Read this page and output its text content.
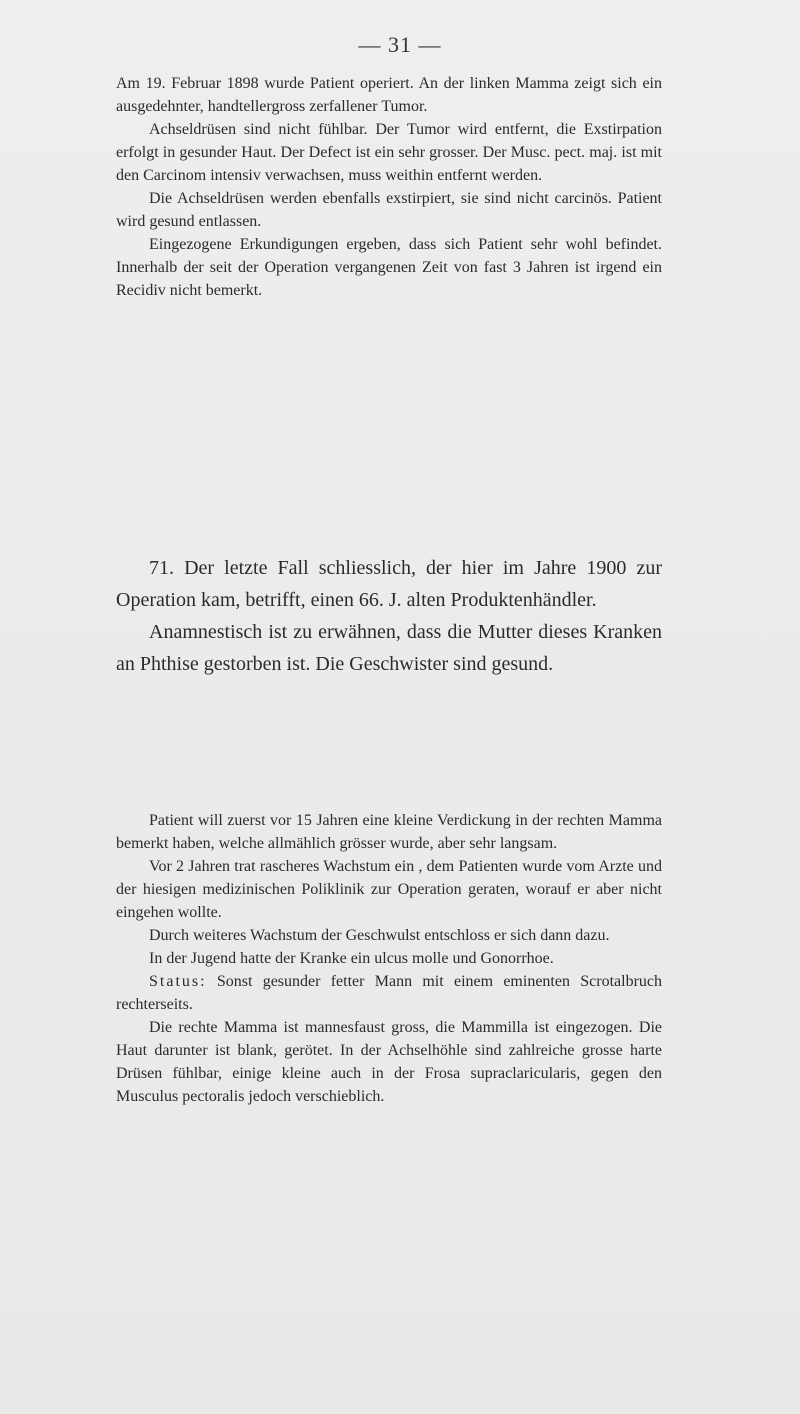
— 31 —

Am 19. Februar 1898 wurde Patient operiert. An der linken Mamma zeigt sich ein ausgedehnter, handtellergross zerfallener Tumor.

Achseldrüsen sind nicht fühlbar. Der Tumor wird entfernt, die Exstirpation erfolgt in gesunder Haut. Der Defect ist ein sehr grosser. Der Musc. pect. maj. ist mit den Carcinom intensiv verwachsen, muss weithin entfernt werden.

Die Achseldrüsen werden ebenfalls exstirpiert, sie sind nicht carcinös. Patient wird gesund entlassen.

Eingezogene Erkundigungen ergeben, dass sich Patient sehr wohl befindet. Innerhalb der seit der Operation vergangenen Zeit von fast 3 Jahren ist irgend ein Recidiv nicht bemerkt.

71. Der letzte Fall schliesslich, der hier im Jahre 1900 zur Operation kam, betrifft, einen 66. J. alten Produktenhändler.

Anamnestisch ist zu erwähnen, dass die Mutter dieses Kranken an Phthise gestorben ist. Die Geschwister sind gesund.

Patient will zuerst vor 15 Jahren eine kleine Verdickung in der rechten Mamma bemerkt haben, welche allmählich grösser wurde, aber sehr langsam.

Vor 2 Jahren trat rascheres Wachstum ein , dem Patienten wurde vom Arzte und der hiesigen medizinischen Poliklinik zur Operation geraten, worauf er aber nicht eingehen wollte.

Durch weiteres Wachstum der Geschwulst entschloss er sich dann dazu.

In der Jugend hatte der Kranke ein ulcus molle und Gonorrhoe.

Status: Sonst gesunder fetter Mann mit einem eminenten Scrotalbruch rechterseits.

Die rechte Mamma ist mannesfaust gross, die Mammilla ist eingezogen. Die Haut darunter ist blank, gerötet. In der Achselhöhle sind zahlreiche grosse harte Drüsen fühlbar, einige kleine auch in der Frosa supraclaricularis, gegen den Musculus pectoralis jedoch verschieblich.
